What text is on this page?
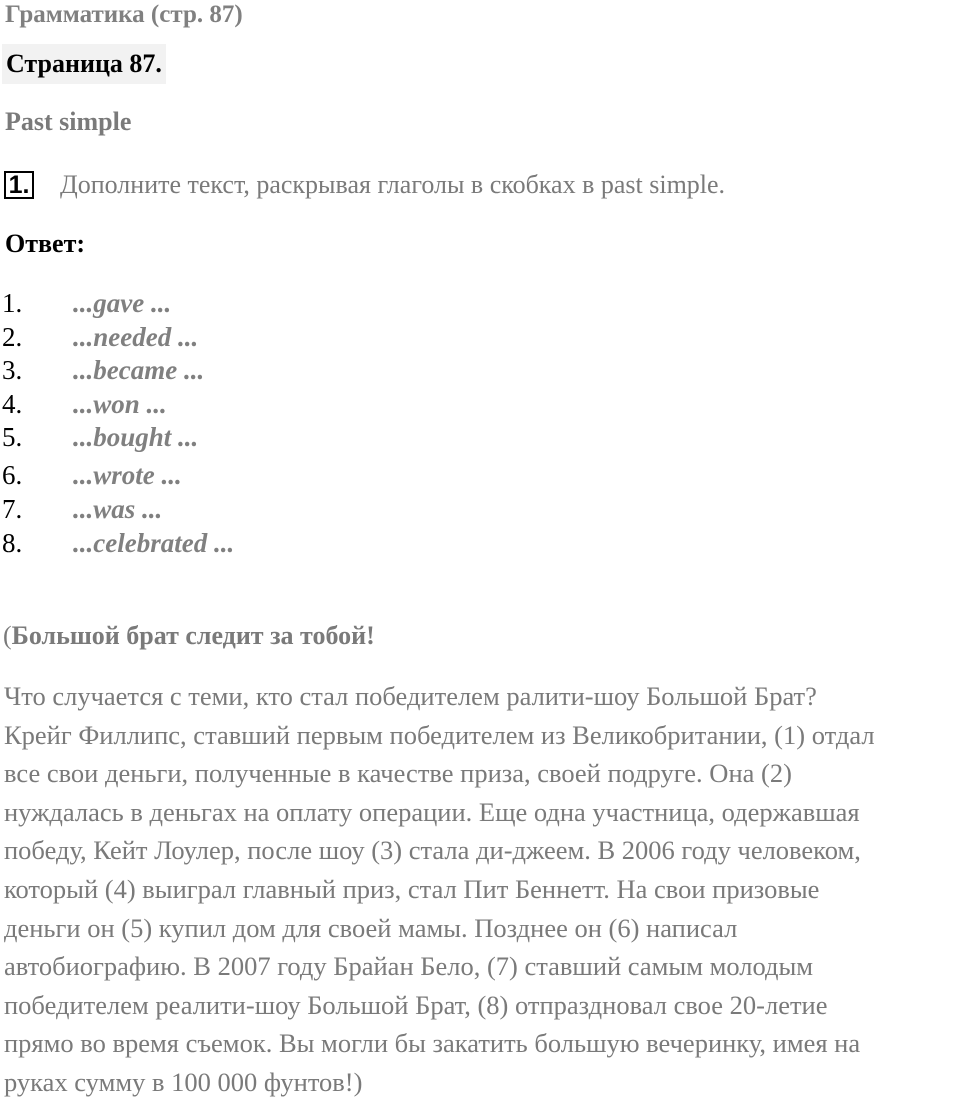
Грамматика (стр. 87)
Страница 87.
Past simple
1. Дополните текст, раскрывая глаголы в скобках в past simple.
Ответ:
1. ...gave ...
2. ...needed ...
3. ...became ...
4. ...won ...
5. ...bought ...
6. ...wrote ...
7. ...was ...
8. ...celebrated ...
(Большой брат следит за тобой!
Что случается с теми, кто стал победителем ралити-шоу Большой Брат?
Крейг Филлипс, ставший первым победителем из Великобритании, (1) отдал
все свои деньги, полученные в качестве приза, своей подруге. Она (2)
нуждалась в деньгах на оплату операции. Еще одна участница, одержавшая
победу, Кейт Лоулер, после шоу (3) стала ди-джеем. В 2006 году человеком,
который (4) выиграл главный приз, стал Пит Беннетт. На свои призовые
деньги он (5) купил дом для своей мамы. Позднее он (6) написал
автобиографию. В 2007 году Брайан Бело, (7) ставший самым молодым
победителем реалити-шоу Большой Брат, (8) отпраздновал свое 20-летие
прямо во время съемок. Вы могли бы закатить большую вечеринку, имея на
руках сумму в 100 000 фунтов!)
